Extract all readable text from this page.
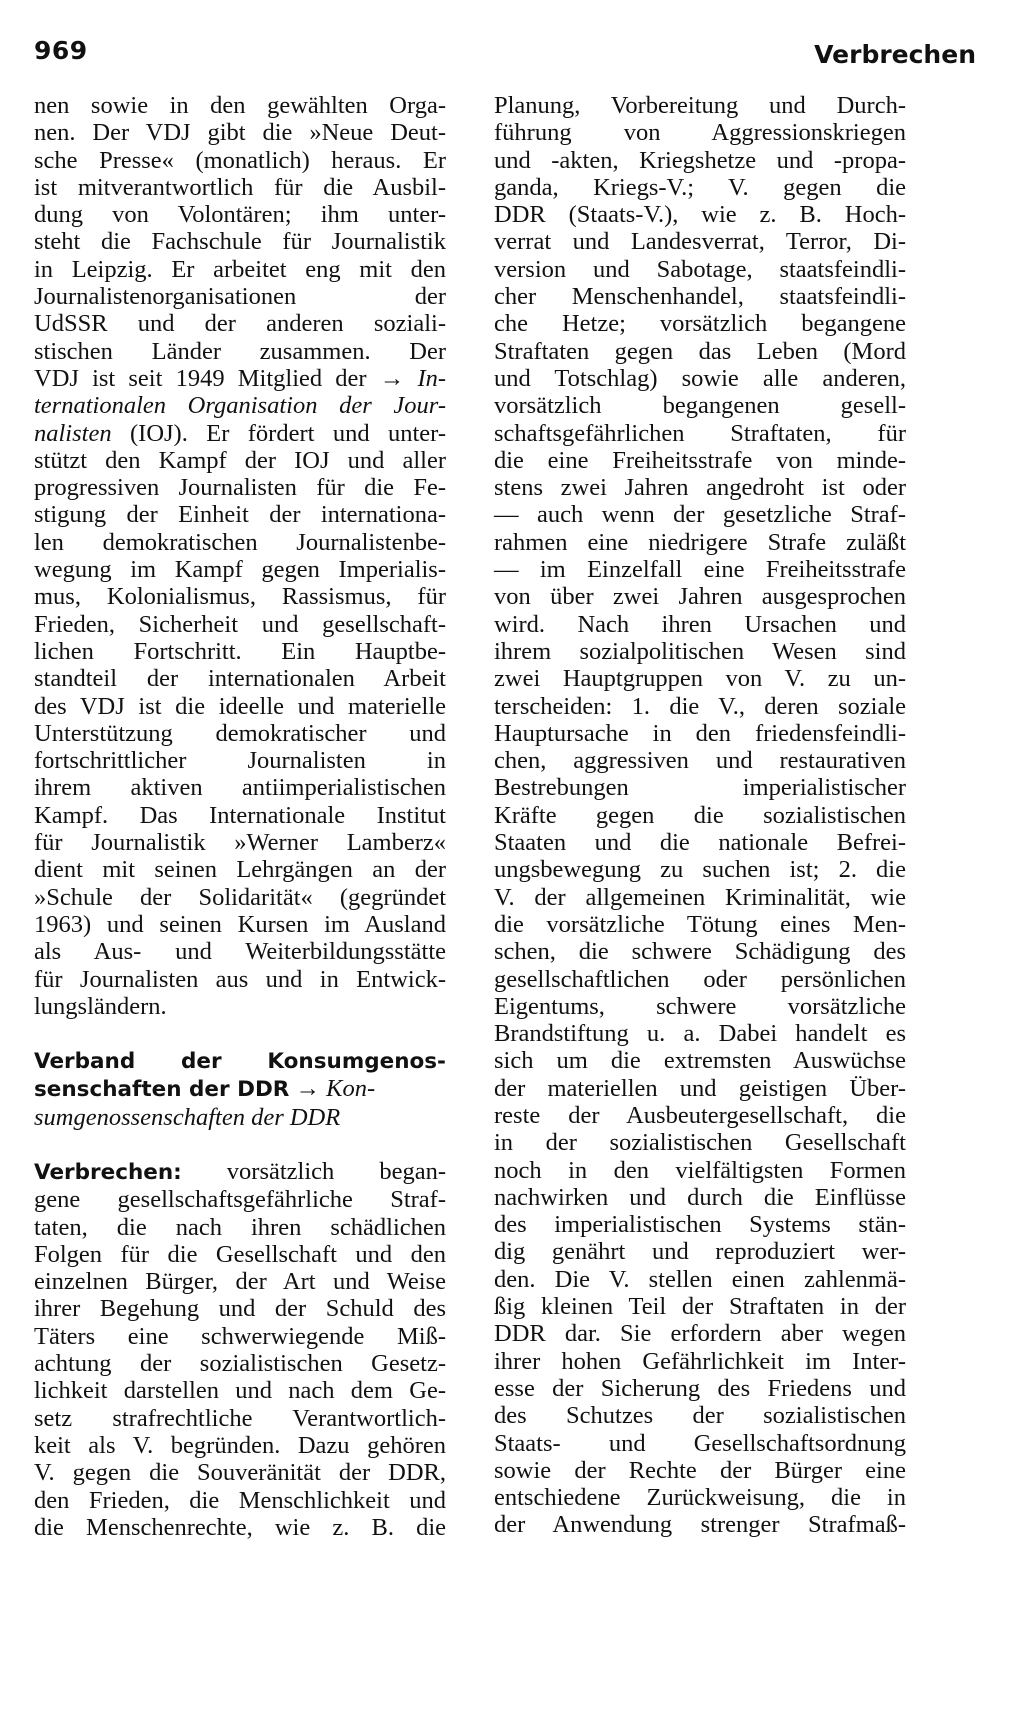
969	Verbrechen
nen sowie in den gewählten Orga-
nen. Der VDJ gibt die »Neue Deut-
sche Presse« (monatlich) heraus. Er
ist mitverantwortlich für die Ausbil-
dung von Volontären; ihm unter-
steht die Fachschule für Journalistik
in Leipzig. Er arbeitet eng mit den
Journalistenorganisationen der
UdSSR und der anderen soziali-
stischen Länder zusammen. Der
VDJ ist seit 1949 Mitglied der → In-
ternationalen Organisation der Jour-
nalisten (IOJ). Er fördert und unter-
stützt den Kampf der IOJ und aller
progressiven Journalisten für die Fe-
stigung der Einheit der internationa-
len demokratischen Journalistenbe-
wegung im Kampf gegen Imperialis-
mus, Kolonialismus, Rassismus, für
Frieden, Sicherheit und gesellschaft-
lichen Fortschritt. Ein Hauptbe-
standteil der internationalen Arbeit
des VDJ ist die ideelle und materielle
Unterstützung demokratischer und
fortschrittlicher Journalisten in
ihrem aktiven antiimperialistischen
Kampf. Das Internationale Institut
für Journalistik »Werner Lamberz«
dient mit seinen Lehrgängen an der
»Schule der Solidarität« (gegründet
1963) und seinen Kursen im Ausland
als Aus- und Weiterbildungsstätte
für Journalisten aus und in Entwick-
lungsländern.
Verband der Konsumgenos-
senschaften der DDR → Kon-
sumgenossenschaften der DDR
Verbrechen: vorsätzlich began-
gene gesellschaftsgefährliche Straf-
taten, die nach ihren schädlichen
Folgen für die Gesellschaft und den
einzelnen Bürger, der Art und Weise
ihrer Begehung und der Schuld des
Täters eine schwerwiegende Miß-
achtung der sozialistischen Gesetz-
lichkeit darstellen und nach dem Ge-
setz strafrechtliche Verantwortlich-
keit als V. begründen. Dazu gehören
V. gegen die Souveränität der DDR,
den Frieden, die Menschlichkeit und
die Menschenrechte, wie z. B. die
Planung, Vorbereitung und Durch-
führung von Aggressionskriegen
und -akten, Kriegshetze und -propa-
ganda, Kriegs-V.; V. gegen die
DDR (Staats-V.), wie z. B. Hoch-
verrat und Landesverrat, Terror, Di-
version und Sabotage, staatsfeindli-
cher Menschenhandel, staatsfeindli-
che Hetze; vorsätzlich begangene
Straftaten gegen das Leben (Mord
und Totschlag) sowie alle anderen,
vorsätzlich begangenen gesell-
schaftsgefährlichen Straftaten, für
die eine Freiheitsstrafe von minde-
stens zwei Jahren angedroht ist oder
— auch wenn der gesetzliche Straf-
rahmen eine niedrigere Strafe zuläßt
— im Einzelfall eine Freiheitsstrafe
von über zwei Jahren ausgesprochen
wird. Nach ihren Ursachen und
ihrem sozialpolitischen Wesen sind
zwei Hauptgruppen von V. zu un-
terscheiden: 1. die V., deren soziale
Hauptursache in den friedensfeindli-
chen, aggressiven und restaurativen
Bestrebungen imperialistischer
Kräfte gegen die sozialistischen
Staaten und die nationale Befrei-
ungsbewegung zu suchen ist; 2. die
V. der allgemeinen Kriminalität, wie
die vorsätzliche Tötung eines Men-
schen, die schwere Schädigung des
gesellschaftlichen oder persönlichen
Eigentums, schwere vorsätzliche
Brandstiftung u. a. Dabei handelt es
sich um die extremsten Auswüchse
der materiellen und geistigen Über-
reste der Ausbeutergesellschaft, die
in der sozialistischen Gesellschaft
noch in den vielfältigsten Formen
nachwirken und durch die Einflüsse
des imperialistischen Systems stän-
dig genährt und reproduziert wer-
den. Die V. stellen einen zahlenmä-
ßig kleinen Teil der Straftaten in der
DDR dar. Sie erfordern aber wegen
ihrer hohen Gefährlichkeit im Inter-
esse der Sicherung des Friedens und
des Schutzes der sozialistischen
Staats- und Gesellschaftsordnung
sowie der Rechte der Bürger eine
entschiedene Zurückweisung, die in
der Anwendung strenger Strafmaß-
